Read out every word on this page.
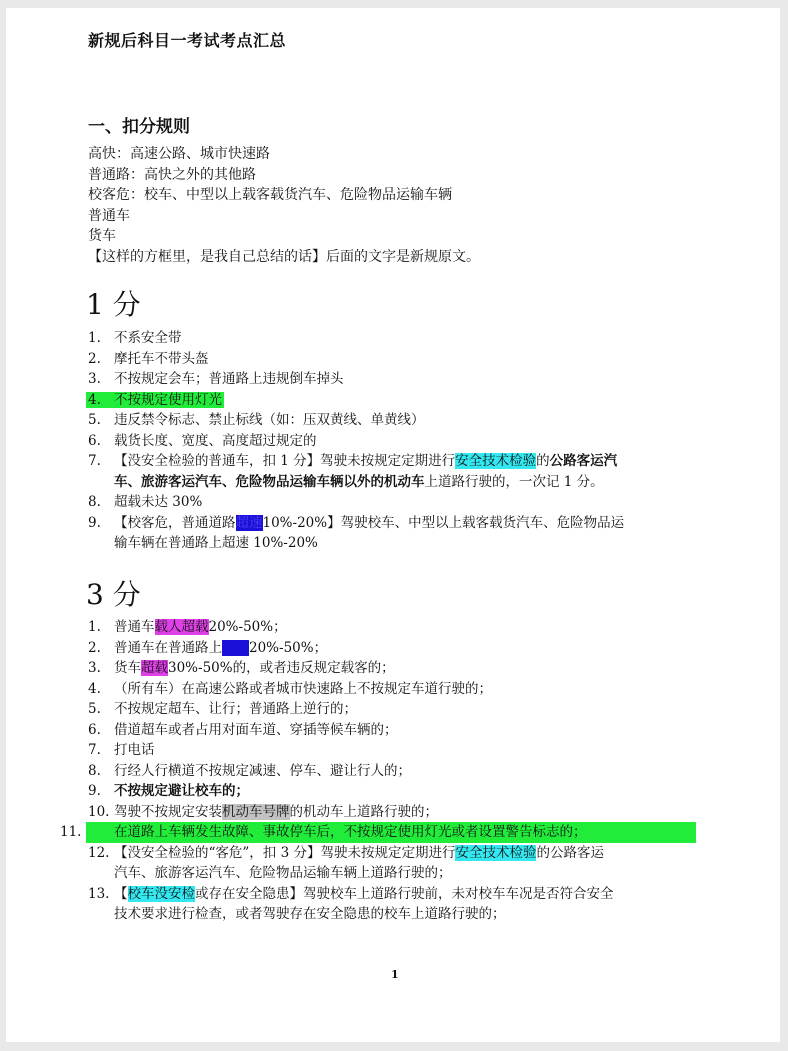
新规后科目一考试考点汇总
一、扣分规则
高快：高速公路、城市快速路
普通路：高快之外的其他路
校客危：校车、中型以上载客载货汽车、危险物品运输车辆
普通车
货车
【这样的方框里，是我自己总结的话】后面的文字是新规原文。
1 分
1. 不系安全带
2. 摩托车不带头盔
3. 不按规定会车；普通路上违规倒车掉头
4. 不按规定使用灯光
5. 违反禁令标志、禁止标线（如：压双黄线、单黄线）
6. 载货长度、宽度、高度超过规定的
7. 【没安全检验的普通车，扣 1 分】驾驶未按规定定期进行安全技术检验的公路客运汽
车、旅游客运汽车、危险物品运输车辆以外的机动车上道路行驶的，一次记 1 分。
8. 超载未达 30%
9. 【校客危，普通道路超速10%-20%】驾驶校车、中型以上载客载货汽车、危险物品运
输车辆在普通路上超速 10%-20%
3 分
1. 普通车载人超载20%-50%；
2. 普通车在普通路上超速20%-50%；
3. 货车超载30%-50%的，或者违反规定载客的；
4. （所有车）在高速公路或者城市快速路上不按规定车道行驶的；
5. 不按规定超车、让行；普通路上逆行的；
6. 借道超车或者占用对面车道、穿插等候车辆的；
7. 打电话
8. 行经人行横道不按规定减速、停车、避让行人的；
9. 不按规定避让校车的；
10. 驾驶不按规定安装机动车号牌的机动车上道路行驶的；
11. 在道路上车辆发生故障、事故停车后，不按规定使用灯光或者设置警告标志的；
12. 【没安全检验的“客危”，扣 3 分】驾驶未按规定定期进行安全技术检验的公路客运
汽车、旅游客运汽车、危险物品运输车辆上道路行驶的；
13. 【校车没安检或存在安全隐患】驾驶校车上道路行驶前，未对校车车况是否符合安全
技术要求进行检查，或者驾驶存在安全隐患的校车上道路行驶的；
1
